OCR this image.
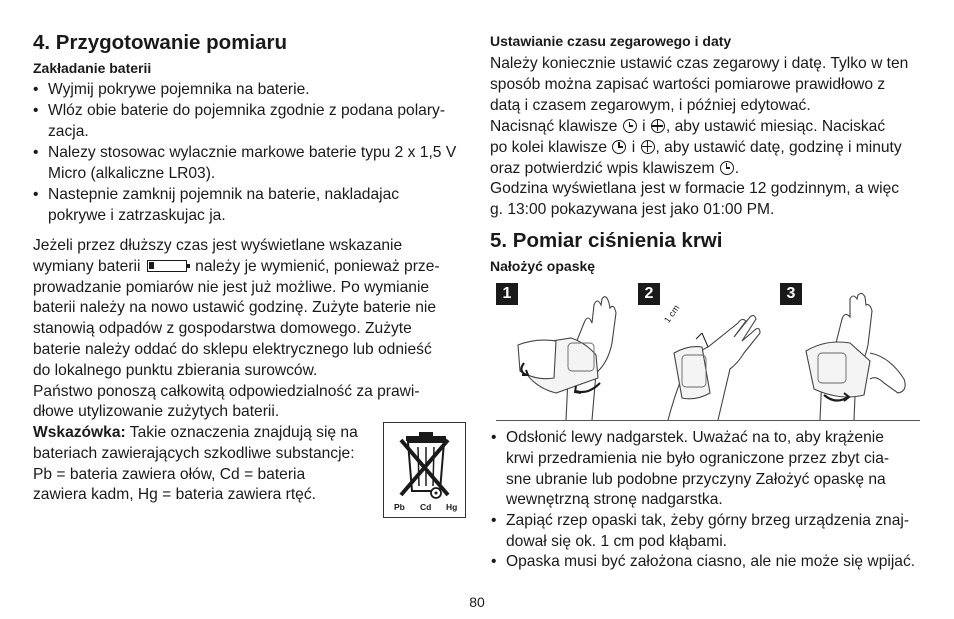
4. Przygotowanie pomiaru
Zakładanie baterii
• Wyjmij pokrywe pojemnika na baterie.
• Wlóz obie baterie do pojemnika zgodnie z podana polary-
zacja.
• Nalezy stosowac wylacznie markowe baterie typu 2 x 1,5 V
Micro (alkaliczne LR03).
• Nastepnie zamknij pojemnik na baterie, nakladajac
pokrywe i zatrzaskujac ja.
Jeżeli przez dłuższy czas jest wyświetlane wskazanie
wymiany baterii	należy je wymienić, ponieważ prze-
prowadzanie pomiarów nie jest już możliwe. Po wymianie
baterii należy na nowo ustawić godzinę. Zużyte baterie nie
stanowią odpadów z gospodarstwa domowego. Zużyte
baterie należy oddać do sklepu elektrycznego lub odnieść
do lokalnego punktu zbierania surowców.
Państwo ponoszą całkowitą odpowiedzialność za prawi-
dłowe utylizowanie zużytych baterii.
Wskazówka: Takie oznaczenia znajdują się na
bateriach zawierających szkodliwe substancje:
Pb = bateria zawiera ołów, Cd = bateria
zawiera kadm, Hg = bateria zawiera rtęć.
Pb Cd Hg
Ustawianie czasu zegarowego i daty
Należy koniecznie ustawić czas zegarowy i datę. Tylko w ten
sposób można zapisać wartości pomiarowe prawidłowo z
datą i czasem zegarowym, i później edytować.
Nacisnąć klawisze i , aby ustawić miesiąc. Naciskać
po kolei klawisze i , aby ustawić datę, godzinę i minuty
oraz potwierdzić wpis klawiszem .
Godzina wyświetlana jest w formacie 12 godzinnym, a więc
g. 13:00 pokazywana jest jako 01:00 PM.
5. Pomiar ciśnienia krwi
Nałożyć opaskę
1
1 cm
2	3
• Odsłonić lewy nadgarstek. Uważać na to, aby krążenie
krwi przedramienia nie było ograniczone przez zbyt cia-
sne ubranie lub podobne przyczyny Założyć opaskę na
wewnętrzną stronę nadgarstka.
• Zapiąć rzep opaski tak, żeby górny brzeg urządzenia znaj-
dował się ok. 1 cm pod kłąbami.
• Opaska musi być założona ciasno, ale nie może się wpijać.
80
